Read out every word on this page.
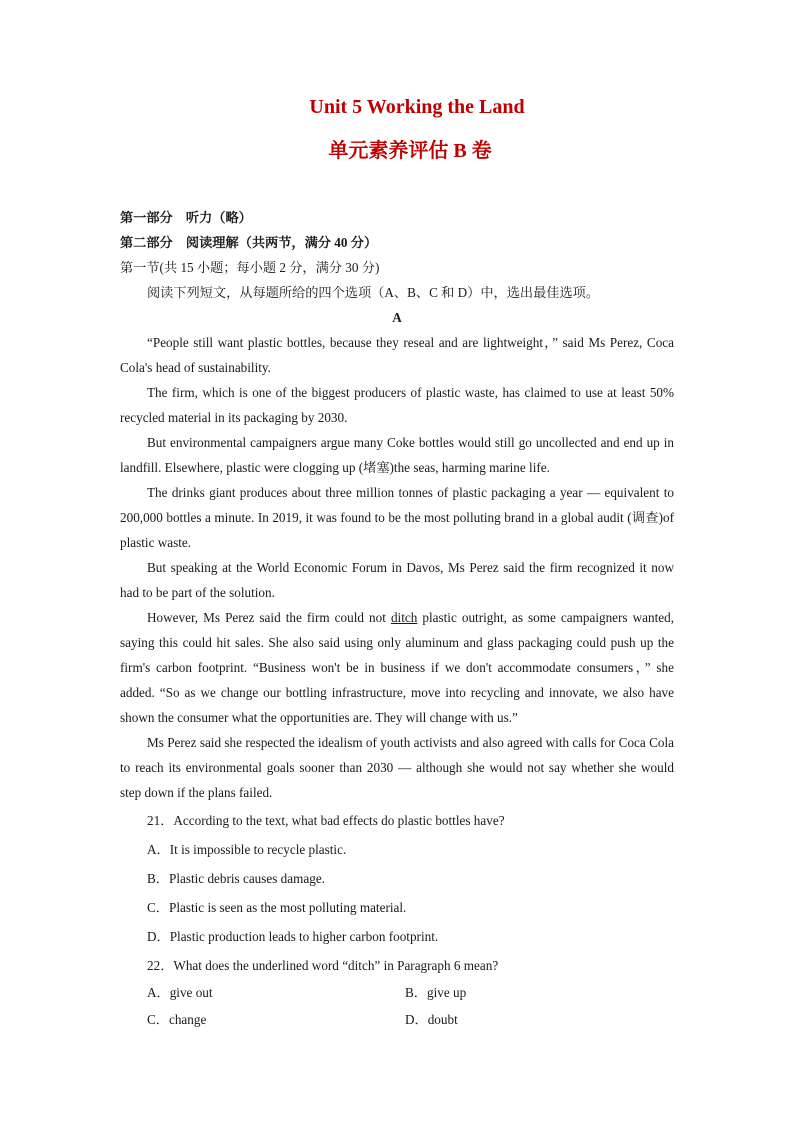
Unit 5 Working the Land
单元素养评估 B 卷

第一部分　听力（略）

第二部分　阅读理解（共两节，满分 40 分）

第一节(共 15 小题；每小题 2 分，满分 30 分)

阅读下列短文，从每题所给的四个选项（A、B、C 和 D）中，选出最佳选项。

A

“People still want plastic bottles, because they reseal and are lightweight，” said Ms Perez, Coca Cola's head of sustainability.

The firm, which is one of the biggest producers of plastic waste, has claimed to use at least 50% recycled material in its packaging by 2030.

But environmental campaigners argue many Coke bottles would still go uncollected and end up in landfill. Elsewhere, plastic were clogging up (堵塞)the seas, harming marine life.

The drinks giant produces about three million tonnes of plastic packaging a year — equivalent to 200,000 bottles a minute. In 2019, it was found to be the most polluting brand in a global audit (调查)of plastic waste.

But speaking at the World Economic Forum in Davos, Ms Perez said the firm recognized it now had to be part of the solution.

However, Ms Perez said the firm could not ditch plastic outright, as some campaigners wanted, saying this could hit sales. She also said using only aluminum and glass packaging could push up the firm's carbon footprint. “Business won't be in business if we don't accommodate consumers，” she added. “So as we change our bottling infrastructure, move into recycling and innovate, we also have shown the consumer what the opportunities are. They will change with us.”

Ms Perez said she respected the idealism of youth activists and also agreed with calls for Coca Cola to reach its environmental goals sooner than 2030 — although she would not say whether she would step down if the plans failed.

21．According to the text, what bad effects do plastic bottles have?

A．It is impossible to recycle plastic.

B．Plastic debris causes damage.

C．Plastic is seen as the most polluting material.

D．Plastic production leads to higher carbon footprint.

22．What does the underlined word “ditch” in Paragraph 6 mean?

A．give out	B．give up
C．change	D．doubt
